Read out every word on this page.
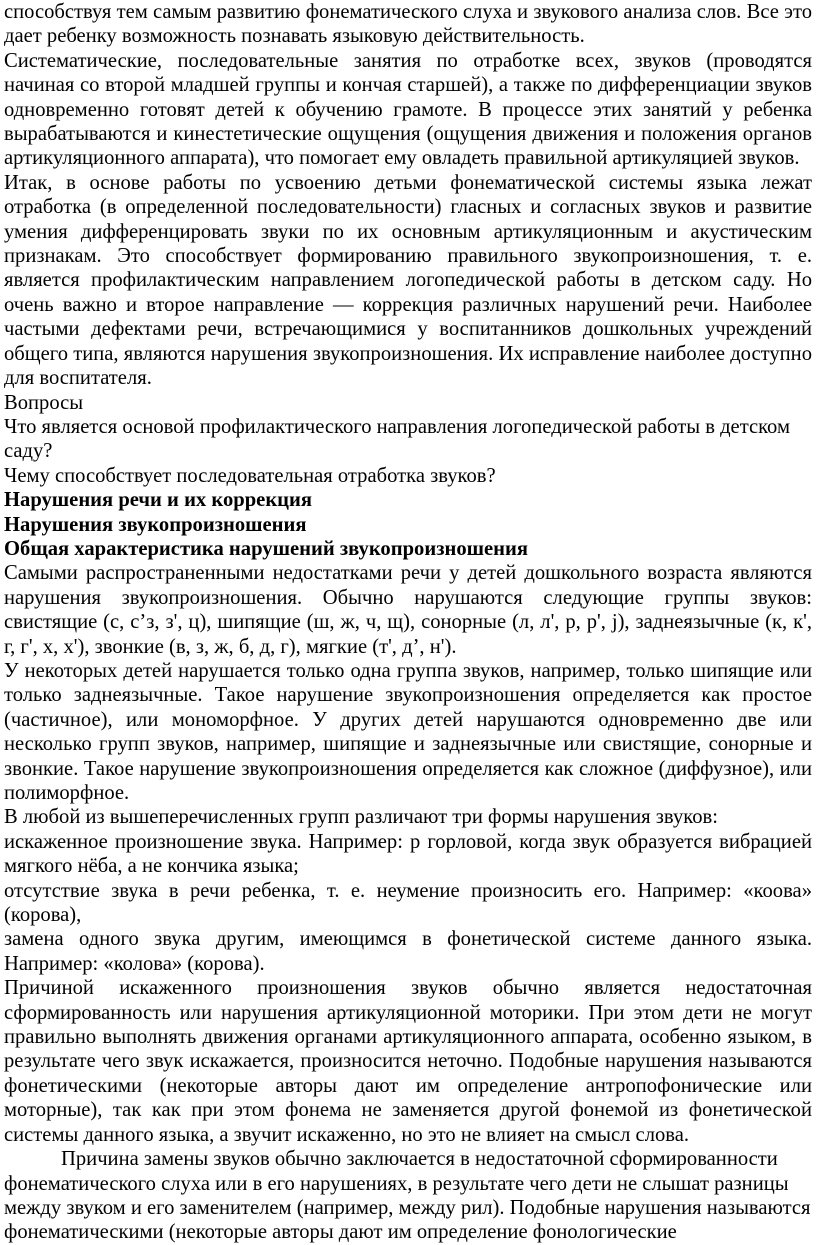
способствуя тем самым развитию фонематического слуха и звукового анализа слов. Все это дает ребенку возможность познавать языковую действительность.

Систематические, последовательные занятия по отработке всех, звуков (проводятся начиная со второй младшей группы и кончая старшей), а также по дифференциации звуков одновременно готовят детей к обучению грамоте. В процессе этих занятий у ребенка вырабатываются и кинестетические ощущения (ощущения движения и положения органов артикуляционного аппарата), что помогает ему овладеть правильной артикуляцией звуков.

Итак, в основе работы по усвоению детьми фонематической системы языка лежат отработка (в определенной последовательности) гласных и согласных звуков и развитие умения дифференцировать звуки по их основным артикуляционным и акустическим признакам. Это способствует формированию правильного звукопроизношения, т. е. является профилактическим направлением логопедической работы в детском саду. Но очень важно и второе направление — коррекция различных нарушений речи. Наиболее частыми дефектами речи, встречающимися у воспитанников дошкольных учреждений общего типа, являются нарушения звукопроизношения. Их исправление наиболее доступно для воспитателя.

Вопросы

Что является основой профилактического направления логопедической работы в детском саду?

Чему способствует последовательная отработка звуков?

Нарушения речи и их коррекция

Нарушения звукопроизношения

Общая характеристика нарушений звукопроизношения

Самыми распространенными недостатками речи у детей дошкольного возраста являются нарушения звукопроизношения. Обычно нарушаются следующие группы звуков: свистящие (с, с’з, з', ц), шипящие (ш, ж, ч, щ), сонорные (л, л', р, р', j), заднеязычные (к, к', г, г', х, х'), звонкие (в, з, ж, б, д, г), мягкие (т', д’, н').

У некоторых детей нарушается только одна группа звуков, например, только шипящие или только заднеязычные. Такое нарушение звукопроизношения определяется как простое (частичное), или мономорфное. У других детей нарушаются одновременно две или несколько групп звуков, например, шипящие и заднеязычные или свистящие, сонорные и звонкие. Такое нарушение звукопроизношения определяется как сложное (диффузное), или полиморфное.

В любой из вышеперечисленных групп различают три формы нарушения звуков:

искаженное произношение звука. Например: р горловой, когда звук образуется вибрацией мягкого нёба, а не кончика языка;

отсутствие звука в речи ребенка, т. е. неумение произносить его. Например: «коова» (корова),

замена одного звука другим, имеющимся в фонетической системе данного языка. Например: «колова» (корова).

Причиной искаженного произношения звуков обычно является недостаточная сформированность или нарушения артикуляционной моторики. При этом дети не могут правильно выполнять движения органами артикуляционного аппарата, особенно языком, в результате чего звук искажается, произносится неточно. Подобные нарушения называются фонетическими (некоторые авторы дают им определение антропофонические или моторные), так как при этом фонема не заменяется другой фонемой из фонетической системы данного языка, а звучит искаженно, но это не влияет на смысл слова.

Причина замены звуков обычно заключается в недостаточной сформированности фонематического слуха или в его нарушениях, в результате чего дети не слышат разницы между звуком и его заменителем (например, между рил). Подобные нарушения называются фонематическими (некоторые авторы дают им определение фонологические
